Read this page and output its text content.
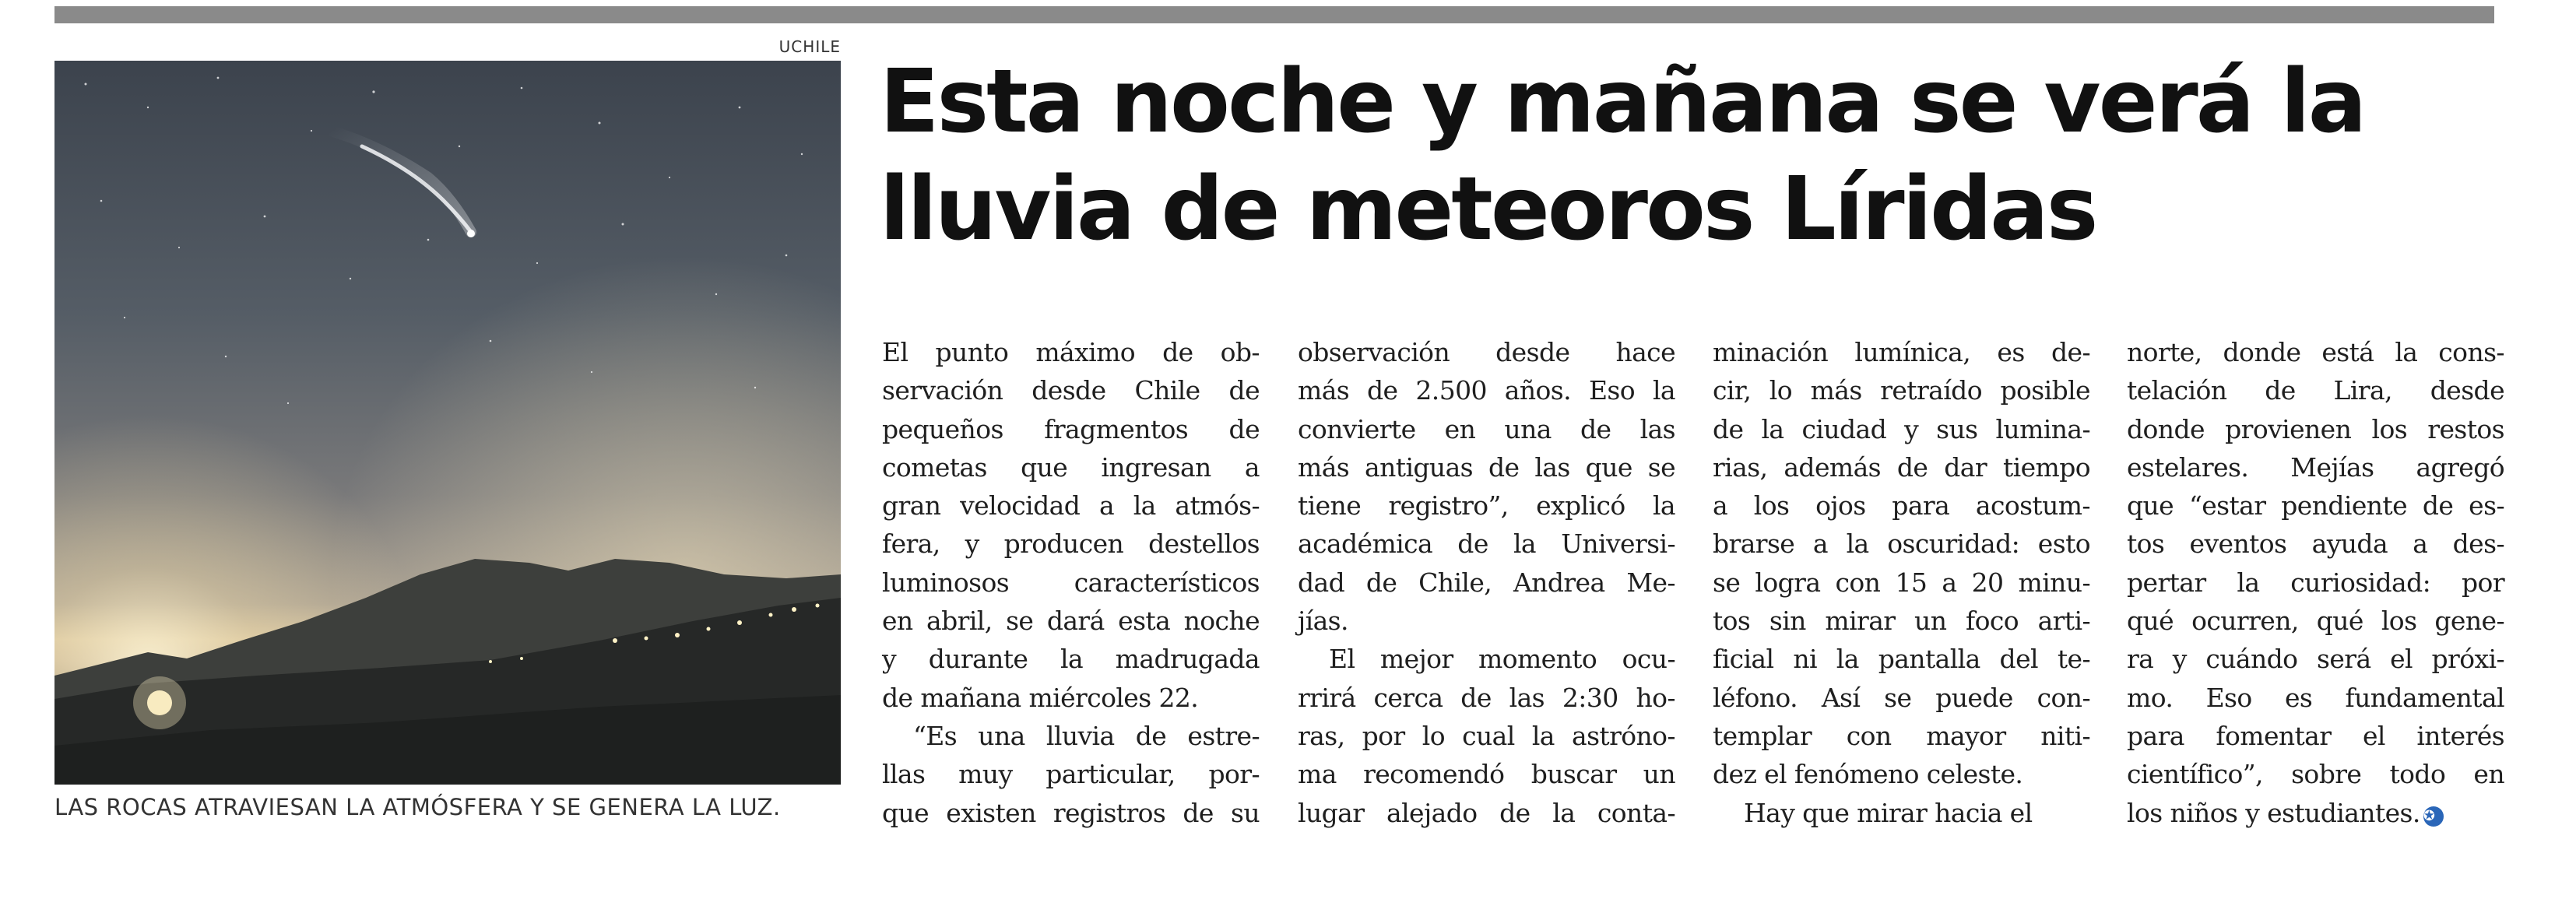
UCHILE
LAS ROCAS ATRAVIESAN LA ATMÓSFERA Y SE GENERA LA LUZ.
Esta noche y mañana se verá la
lluvia de meteoros Líridas
El punto máximo de ob-
servación desde Chile de
pequeños fragmentos de
cometas que ingresan a
gran velocidad a la atmós-
fera, y producen destellos
luminosos característicos
en abril, se dará esta noche
y durante la madrugada
de mañana miércoles 22.
“Es una lluvia de estre-
llas muy particular, por-
que existen registros de su
observación desde hace
más de 2.500 años. Eso la
convierte en una de las
más antiguas de las que se
tiene registro”, explicó la
académica de la Universi-
dad de Chile, Andrea Me-
jías.
El mejor momento ocu-
rrirá cerca de las 2:30 ho-
ras, por lo cual la astróno-
ma recomendó buscar un
lugar alejado de la conta-
minación lumínica, es de-
cir, lo más retraído posible
de la ciudad y sus lumina-
rias, además de dar tiempo
a los ojos para acostum-
brarse a la oscuridad: esto
se logra con 15 a 20 minu-
tos sin mirar un foco arti-
ficial ni la pantalla del te-
léfono. Así se puede con-
templar con mayor niti-
dez el fenómeno celeste.
Hay que mirar hacia el
norte, donde está la cons-
telación de Lira, desde
donde provienen los restos
estelares. Mejías agregó
que “estar pendiente de es-
tos eventos ayuda a des-
pertar la curiosidad: por
qué ocurren, qué los gene-
ra y cuándo será el próxi-
mo. Eso es fundamental
para fomentar el interés
científico”, sobre todo en
los niños y estudiantes. ✪
